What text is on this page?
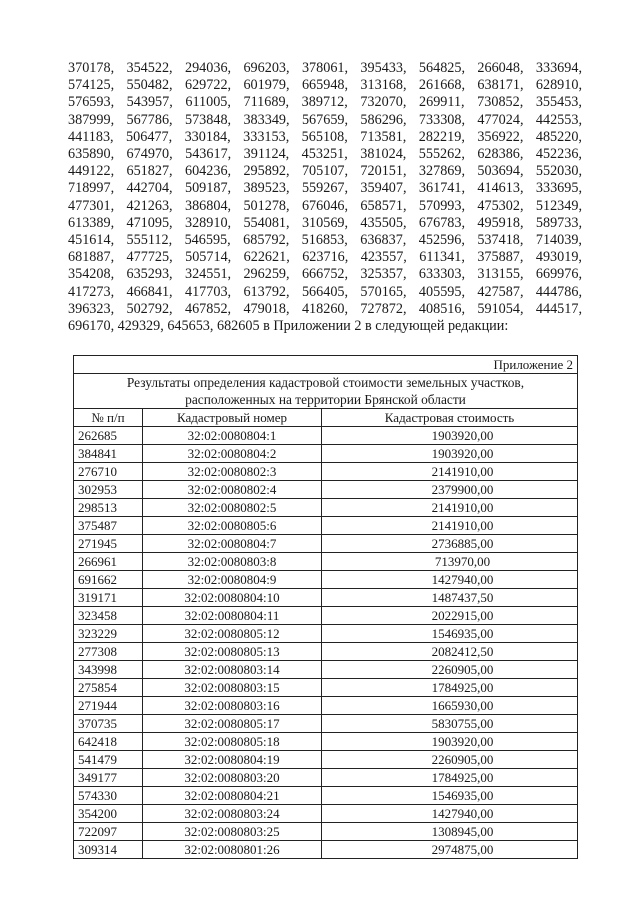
370178, 354522, 294036, 696203, 378061, 395433, 564825, 266048, 333694,
574125, 550482, 629722, 601979, 665948, 313168, 261668, 638171, 628910,
576593, 543957, 611005, 711689, 389712, 732070, 269911, 730852, 355453,
387999, 567786, 573848, 383349, 567659, 586296, 733308, 477024, 442553,
441183, 506477, 330184, 333153, 565108, 713581, 282219, 356922, 485220,
635890, 674970, 543617, 391124, 453251, 381024, 555262, 628386, 452236,
449122, 651827, 604236, 295892, 705107, 720151, 327869, 503694, 552030,
718997, 442704, 509187, 389523, 559267, 359407, 361741, 414613, 333695,
477301, 421263, 386804, 501278, 676046, 658571, 570993, 475302, 512349,
613389, 471095, 328910, 554081, 310569, 435505, 676783, 495918, 589733,
451614, 555112, 546595, 685792, 516853, 636837, 452596, 537418, 714039,
681887, 477725, 505714, 622621, 623716, 423557, 611341, 375887, 493019,
354208, 635293, 324551, 296259, 666752, 325357, 633303, 313155, 669976,
417273, 466841, 417703, 613792, 566405, 570165, 405595, 427587, 444786,
396323, 502792, 467852, 479018, 418260, 727872, 408516, 591054, 444517,
696170, 429329, 645653, 682605 в Приложении 2 в следующей редакции:
Приложение 2		
Результаты определения кадастровой стоимости земельных участков,
расположенных на территории Брянской области		
№ п/п	Кадастровый номер	Кадастровая стоимость
262685	32:02:0080804:1	1903920,00
384841	32:02:0080804:2	1903920,00
276710	32:02:0080802:3	2141910,00
302953	32:02:0080802:4	2379900,00
298513	32:02:0080802:5	2141910,00
375487	32:02:0080805:6	2141910,00
271945	32:02:0080804:7	2736885,00
266961	32:02:0080803:8	713970,00
691662	32:02:0080804:9	1427940,00
319171	32:02:0080804:10	1487437,50
323458	32:02:0080804:11	2022915,00
323229	32:02:0080805:12	1546935,00
277308	32:02:0080805:13	2082412,50
343998	32:02:0080803:14	2260905,00
275854	32:02:0080803:15	1784925,00
271944	32:02:0080803:16	1665930,00
370735	32:02:0080805:17	5830755,00
642418	32:02:0080805:18	1903920,00
541479	32:02:0080804:19	2260905,00
349177	32:02:0080803:20	1784925,00
574330	32:02:0080804:21	1546935,00
354200	32:02:0080803:24	1427940,00
722097	32:02:0080803:25	1308945,00
309314	32:02:0080801:26	2974875,00
